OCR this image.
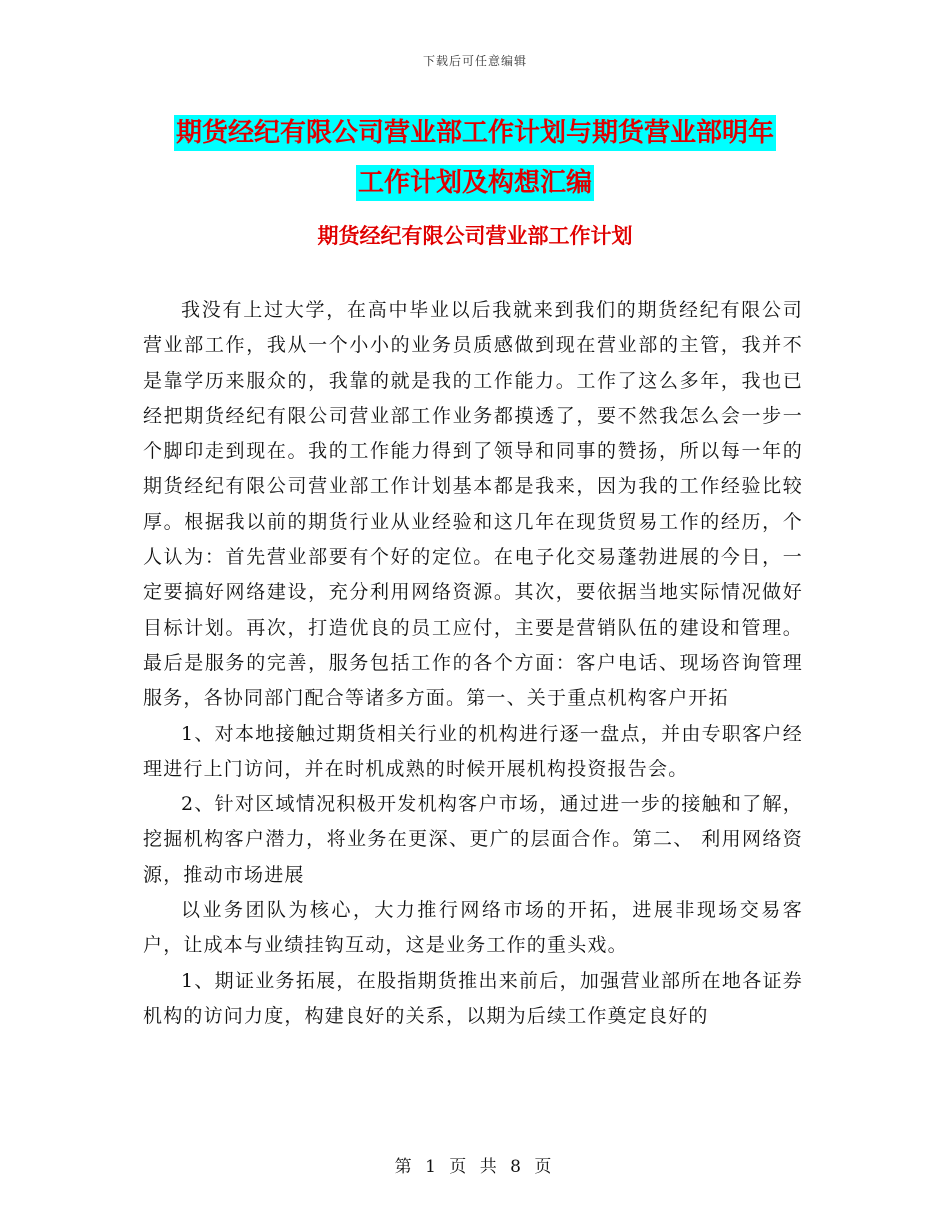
下载后可任意编辑
期货经纪有限公司营业部工作计划与期货营业部明年
工作计划及构想汇编
期货经纪有限公司营业部工作计划

我没有上过大学，在高中毕业以后我就来到我们的期货经纪有限公司营业部工作，我从一个小小的业务员质感做到现在营业部的主管，我并不是靠学历来服众的，我靠的就是我的工作能力。工作了这么多年，我也已经把期货经纪有限公司营业部工作业务都摸透了，要不然我怎么会一步一个脚印走到现在。我的工作能力得到了领导和同事的赞扬，所以每一年的期货经纪有限公司营业部工作计划基本都是我来，因为我的工作经验比较厚。根据我以前的期货行业从业经验和这几年在现货贸易工作的经历，个人认为：首先营业部要有个好的定位。在电子化交易蓬勃进展的今日，一定要搞好网络建设，充分利用网络资源。其次，要依据当地实际情况做好目标计划。再次，打造优良的员工应付，主要是营销队伍的建设和管理。最后是服务的完善，服务包括工作的各个方面：客户电话、现场咨询管理服务，各协同部门配合等诸多方面。第一、关于重点机构客户开拓

1、对本地接触过期货相关行业的机构进行逐一盘点，并由专职客户经理进行上门访问，并在时机成熟的时候开展机构投资报告会。

2、针对区域情况积极开发机构客户市场，通过进一步的接触和了解，挖掘机构客户潜力，将业务在更深、更广的层面合作。第二、 利用网络资源，推动市场进展

以业务团队为核心，大力推行网络市场的开拓，进展非现场交易客户，让成本与业绩挂钩互动，这是业务工作的重头戏。

1、期证业务拓展，在股指期货推出来前后，加强营业部所在地各证券机构的访问力度，构建良好的关系，以期为后续工作奠定良好的

第 1 页 共 8 页
